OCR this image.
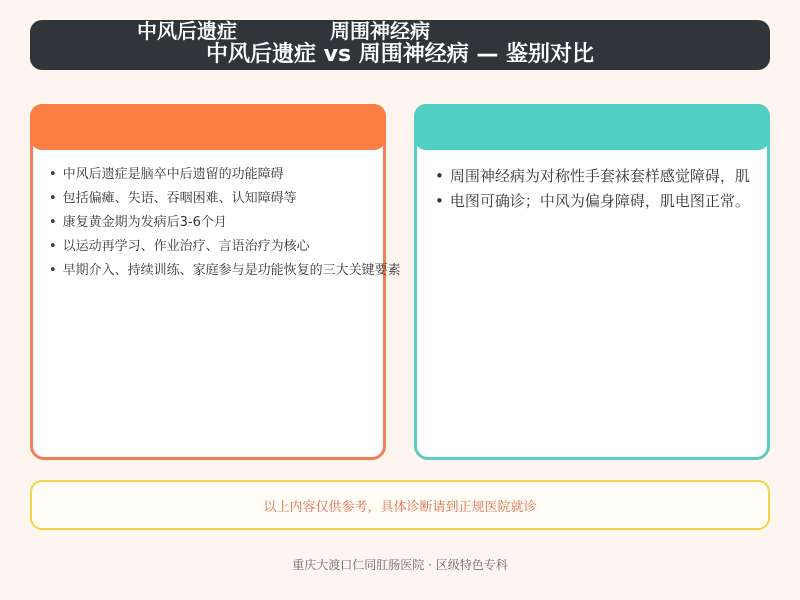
中风后遗症 vs 周围神经病 — 鉴别对比
中风后遗症	周围神经病
• 中风后遗症是脑卒中后遗留的功能障碍
• 包括偏瘫、失语、吞咽困难、认知障碍等
• 康复黄金期为发病后3-6个月
• 以运动再学习、作业治疗、言语治疗为核心
• 早期介入、持续训练、家庭参与是功能恢复的三大关键要素
• 周围神经病为对称性手套袜套样感觉障碍，肌
• 电图可确诊；中风为偏身障碍，肌电图正常。
以上内容仅供参考，具体诊断请到正规医院就诊
重庆大渡口仁同肛肠医院 · 区级特色专科
